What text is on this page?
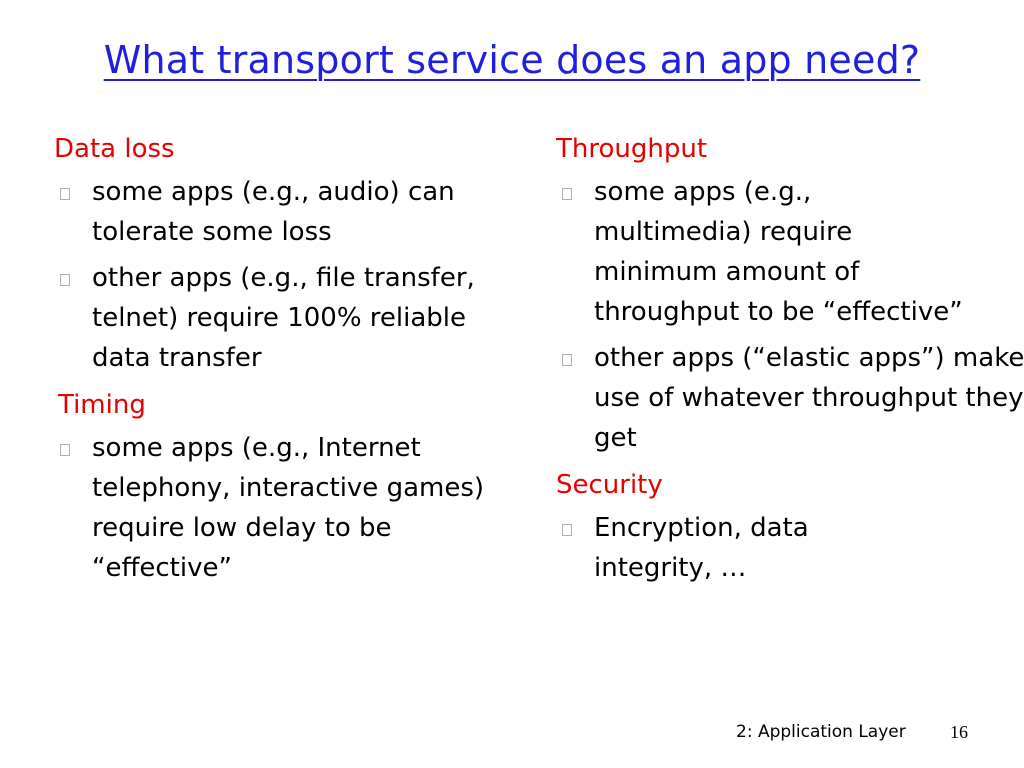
What transport service does an app need?

Data loss

some apps (e.g., audio) can tolerate some loss
other apps (e.g., file transfer, telnet) require 100% reliable data transfer

Timing

some apps (e.g., Internet telephony, interactive games) require low delay to be “effective”

Throughput

some apps (e.g., multimedia) require minimum amount of throughput to be “effective”
other apps (“elastic apps”) make use of whatever throughput they get

Security

Encryption, data integrity, …
2: Application Layer 16
